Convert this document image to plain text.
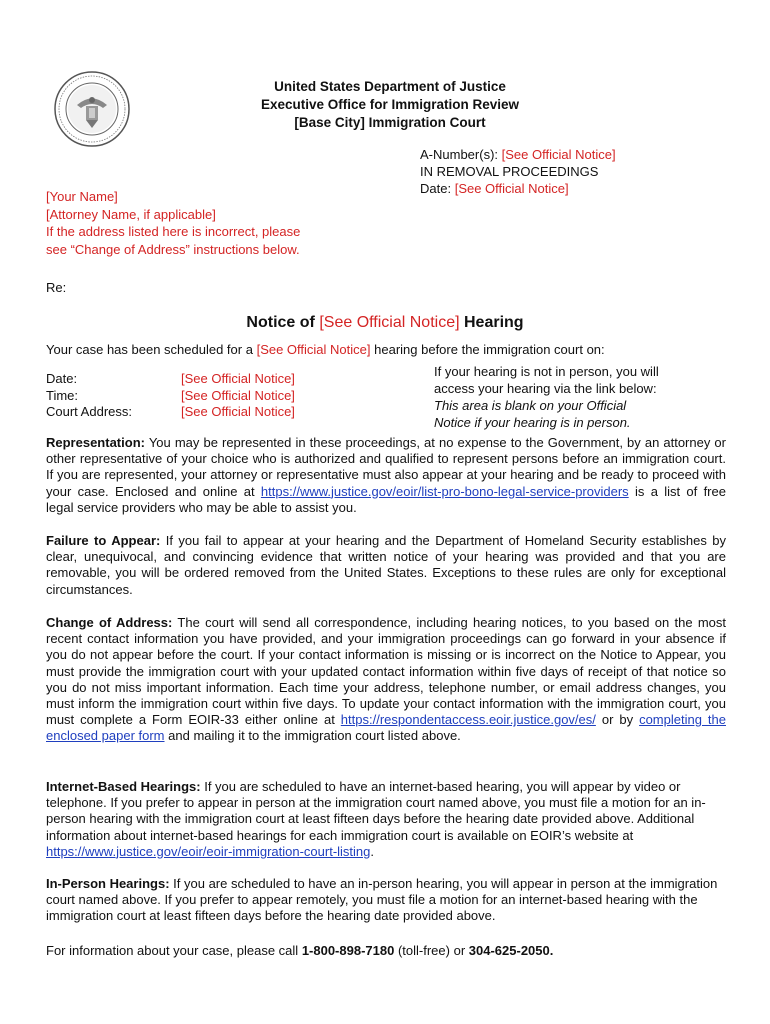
United States Department of Justice
Executive Office for Immigration Review
[Base City] Immigration Court
A-Number(s): [See Official Notice]
IN REMOVAL PROCEEDINGS
Date: [See Official Notice]
[Your Name]
[Attorney Name, if applicable]
If the address listed here is incorrect, please
see “Change of Address” instructions below.
Re:
Notice of [See Official Notice] Hearing
Your case has been scheduled for a [See Official Notice] hearing before the immigration court on:
Date:
Time:
Court Address:
[See Official Notice]
[See Official Notice]
[See Official Notice]
If your hearing is not in person, you will
access your hearing via the link below:
This area is blank on your Official
Notice if your hearing is in person.
Representation: You may be represented in these proceedings, at no expense to the Government, by an attorney or other representative of your choice who is authorized and qualified to represent persons before an immigration court. If you are represented, your attorney or representative must also appear at your hearing and be ready to proceed with your case. Enclosed and online at https://www.justice.gov/eoir/list-pro-bono-legal-service-providers is a list of free legal service providers who may be able to assist you.
Failure to Appear: If you fail to appear at your hearing and the Department of Homeland Security establishes by clear, unequivocal, and convincing evidence that written notice of your hearing was provided and that you are removable, you will be ordered removed from the United States. Exceptions to these rules are only for exceptional circumstances.
Change of Address: The court will send all correspondence, including hearing notices, to you based on the most recent contact information you have provided, and your immigration proceedings can go forward in your absence if you do not appear before the court. If your contact information is missing or is incorrect on the Notice to Appear, you must provide the immigration court with your updated contact information within five days of receipt of that notice so you do not miss important information. Each time your address, telephone number, or email address changes, you must inform the immigration court within five days. To update your contact information with the immigration court, you must complete a Form EOIR-33 either online at https://respondentaccess.eoir.justice.gov/es/ or by completing the enclosed paper form and mailing it to the immigration court listed above.
Internet-Based Hearings: If you are scheduled to have an internet-based hearing, you will appear by video or telephone. If you prefer to appear in person at the immigration court named above, you must file a motion for an in-person hearing with the immigration court at least fifteen days before the hearing date provided above. Additional information about internet-based hearings for each immigration court is available on EOIR’s website at https://www.justice.gov/eoir/eoir-immigration-court-listing.
In-Person Hearings: If you are scheduled to have an in-person hearing, you will appear in person at the immigration court named above. If you prefer to appear remotely, you must file a motion for an internet-based hearing with the immigration court at least fifteen days before the hearing date provided above.
For information about your case, please call 1-800-898-7180 (toll-free) or 304-625-2050.
